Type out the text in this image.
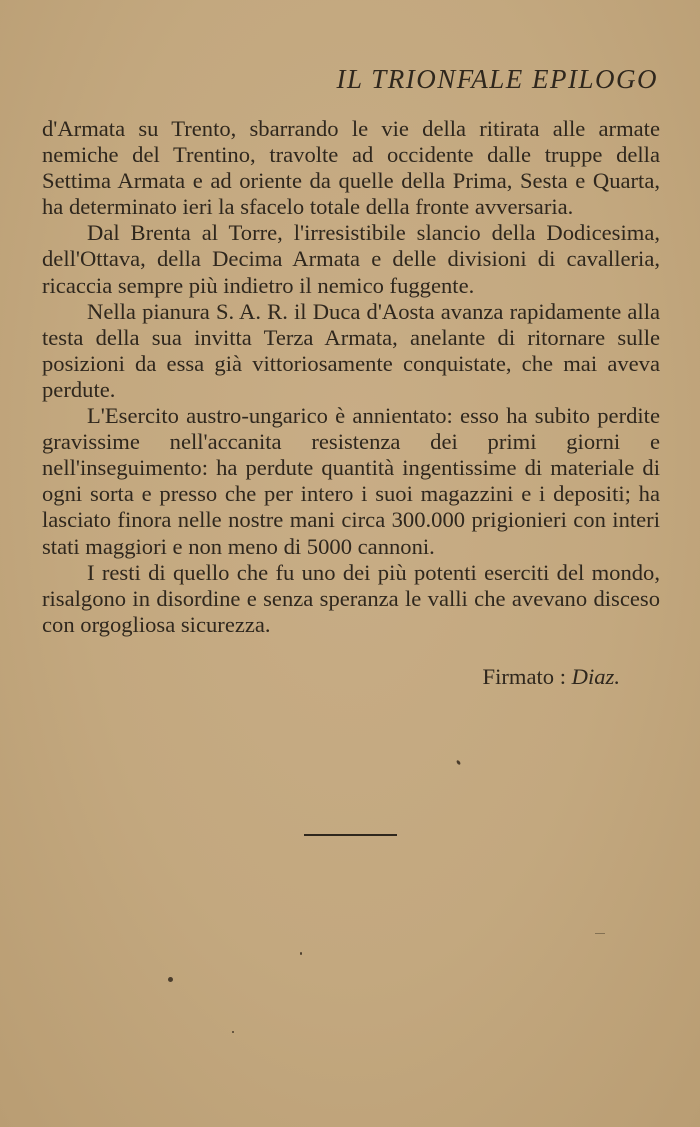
IL TRIONFALE EPILOGO

d'Armata su Trento, sbarrando le vie della ritirata alle armate nemiche del Trentino, travolte ad occidente dalle truppe della Settima Armata e ad oriente da quelle della Prima, Sesta e Quarta, ha determinato ieri la sfacelo totale della fronte avversaria.

Dal Brenta al Torre, l'irresistibile slancio della Dodicesima, dell'Ottava, della Decima Armata e delle divisioni di cavalleria, ricaccia sempre più indietro il nemico fuggente.

Nella pianura S. A. R. il Duca d'Aosta avanza rapidamente alla testa della sua invitta Terza Armata, anelante di ritornare sulle posizioni da essa già vittoriosamente conquistate, che mai aveva perdute.

L'Esercito austro-ungarico è annientato: esso ha subito perdite gravissime nell'accanita resistenza dei primi giorni e nell'inseguimento: ha perdute quantità ingentissime di materiale di ogni sorta e presso che per intero i suoi magazzini e i depositi; ha lasciato finora nelle nostre mani circa 300.000 prigionieri con interi stati maggiori e non meno di 5000 cannoni.

I resti di quello che fu uno dei più potenti eserciti del mondo, risalgono in disordine e senza speranza le valli che avevano disceso con orgogliosa sicurezza.

Firmato : Diaz.
